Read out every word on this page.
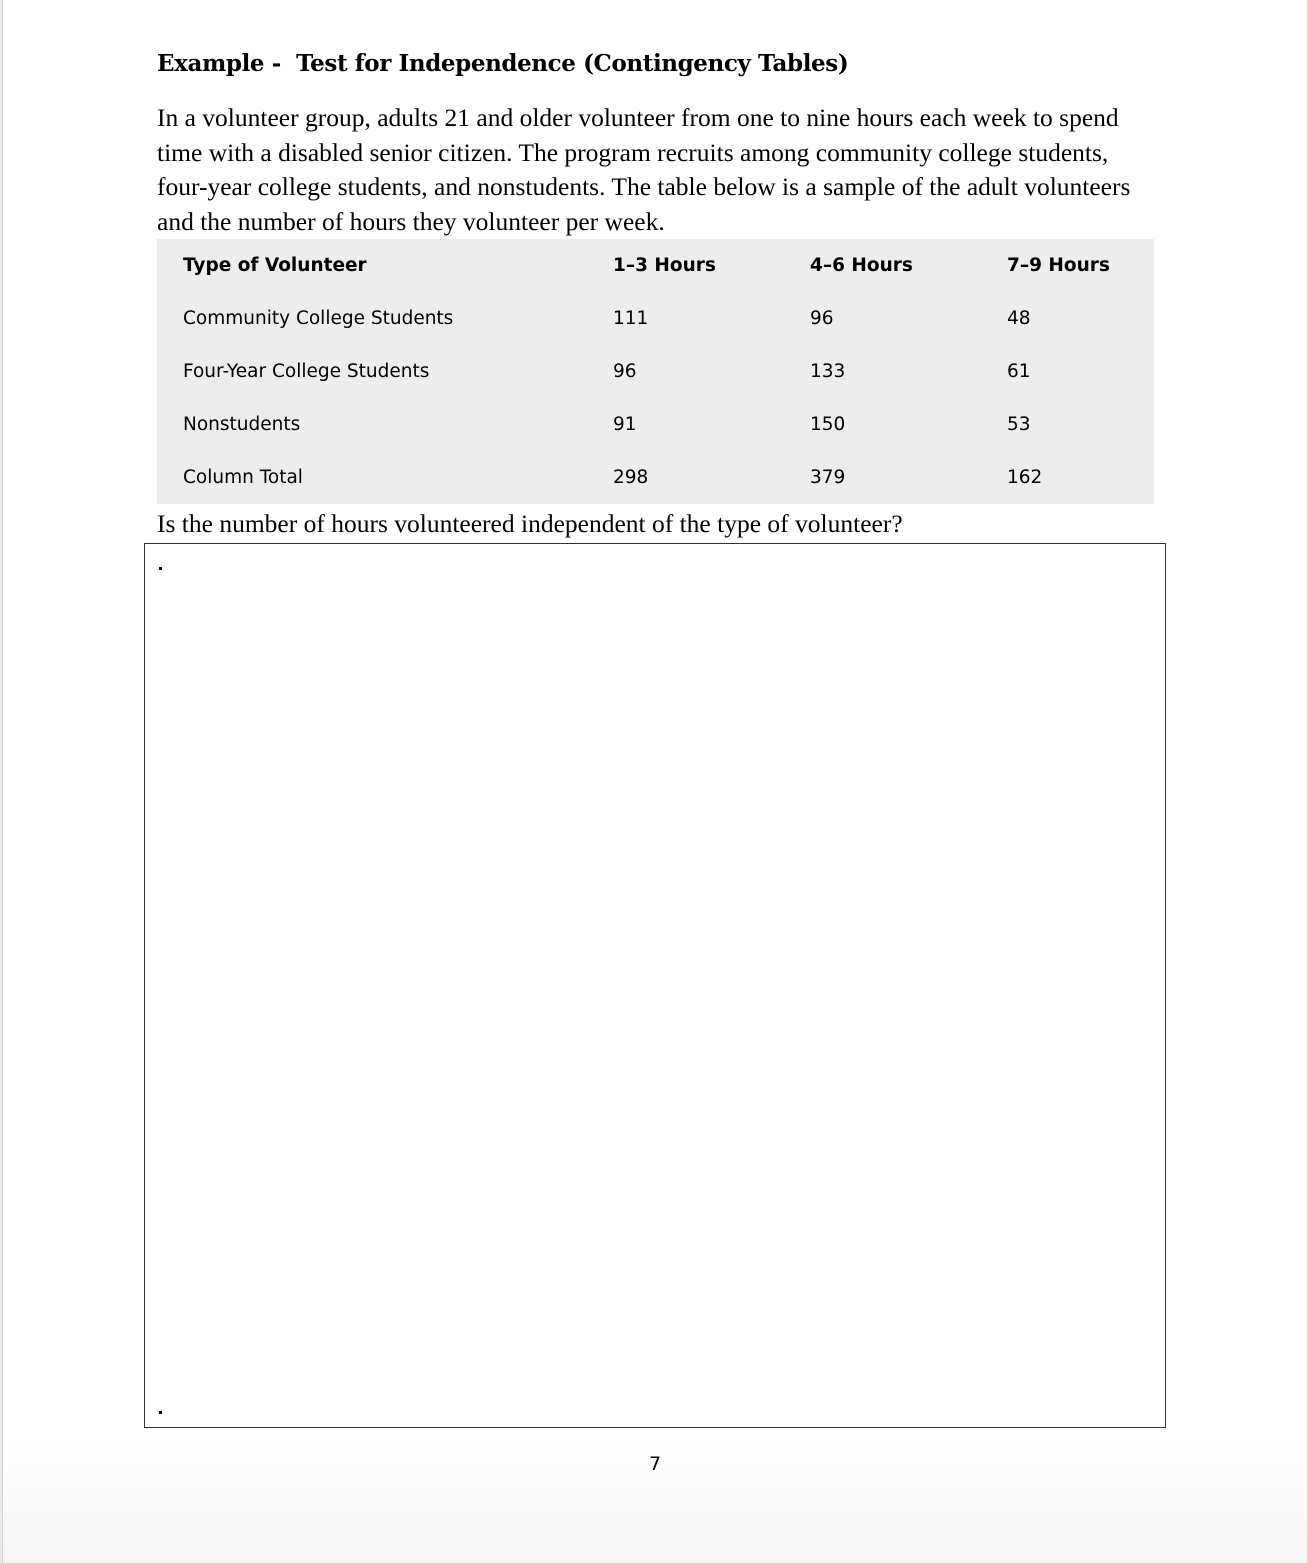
Example -  Test for Independence (Contingency Tables)
In a volunteer group, adults 21 and older volunteer from one to nine hours each week to spend time with a disabled senior citizen. The program recruits among community college students, four-year college students, and nonstudents. The table below is a sample of the adult volunteers and the number of hours they volunteer per week.
Type of Volunteer	1–3 Hours	4–6 Hours	7–9 Hours
Community College Students	111	96	48
Four-Year College Students	96	133	61
Nonstudents	91	150	53
Column Total	298	379	162
Is the number of hours volunteered independent of the type of volunteer?
7
